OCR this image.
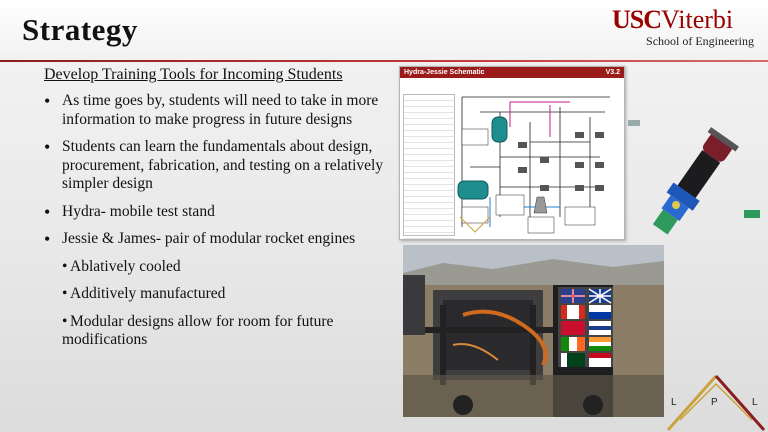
Strategy	USCViterbi
School of Engineering
Develop Training Tools for Incoming Students
• As time goes by, students will need to take in more information to make progress in future designs
• Students can learn the fundamentals about design, procurement, fabrication, and testing on a relatively simpler design
• Hydra- mobile test stand
• Jessie & James- pair of modular rocket engines
• Ablatively cooled
• Additively manufactured
• Modular designs allow for room for future modifications
Hydra-Jessie Schematic	V3.2
L	P	L
